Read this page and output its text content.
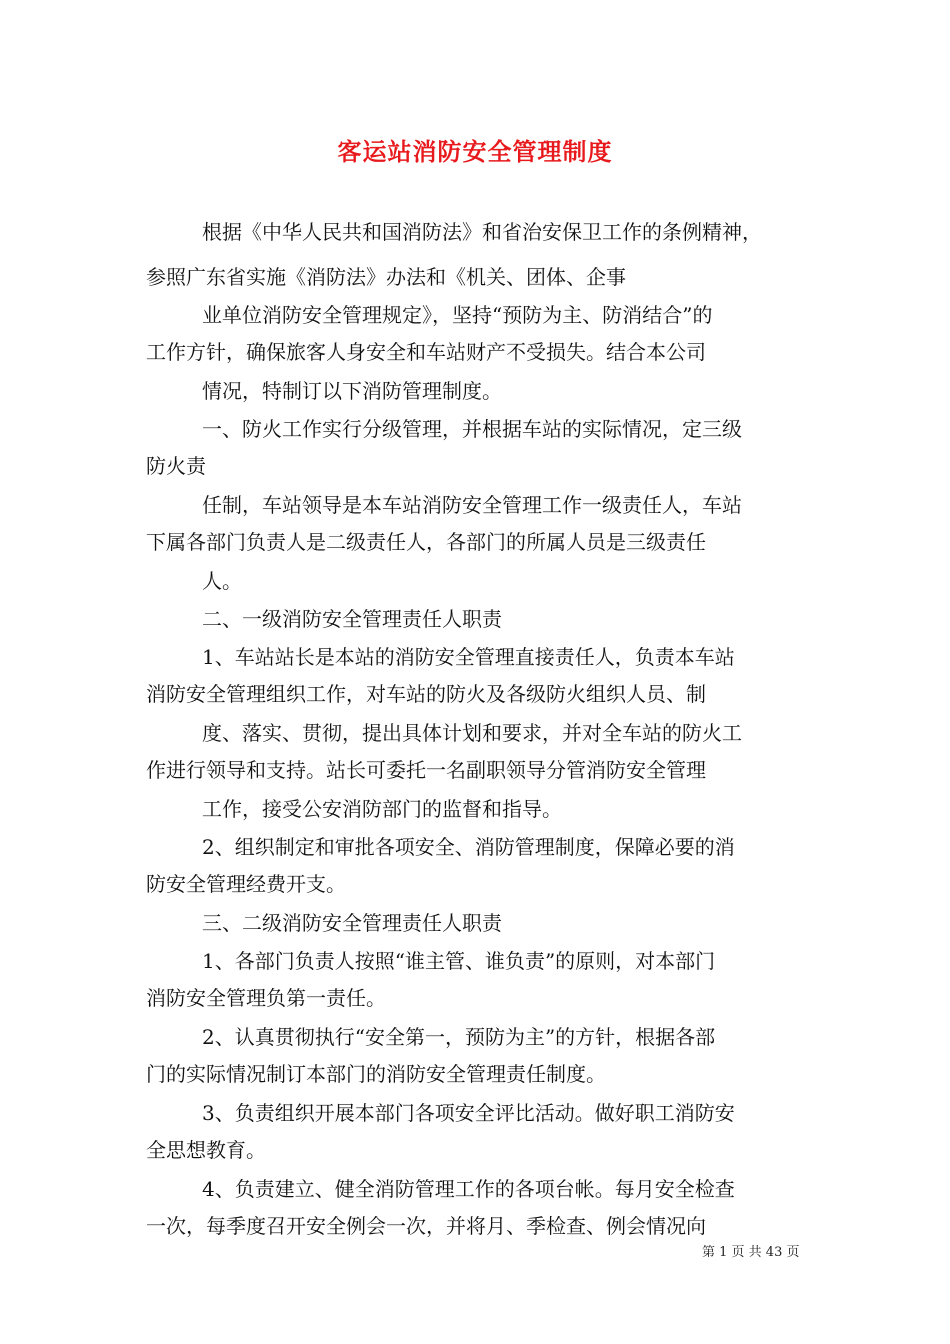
客运站消防安全管理制度
根据《中华人民共和国消防法》和省治安保卫工作的条例精神，
参照广东省实施《消防法》办法和《机关、团体、企事
业单位消防安全管理规定》，坚持“预防为主、防消结合”的
工作方针，确保旅客人身安全和车站财产不受损失。结合本公司
情况，特制订以下消防管理制度。
一、防火工作实行分级管理，并根据车站的实际情况，定三级
防火责
任制，车站领导是本车站消防安全管理工作一级责任人，车站
下属各部门负责人是二级责任人，各部门的所属人员是三级责任
人。
二、一级消防安全管理责任人职责
1、车站站长是本站的消防安全管理直接责任人，负责本车站
消防安全管理组织工作，对车站的防火及各级防火组织人员、制
度、落实、贯彻，提出具体计划和要求，并对全车站的防火工
作进行领导和支持。站长可委托一名副职领导分管消防安全管理
工作，接受公安消防部门的监督和指导。
2、组织制定和审批各项安全、消防管理制度，保障必要的消
防安全管理经费开支。
三、二级消防安全管理责任人职责
1、各部门负责人按照“谁主管、谁负责”的原则，对本部门
消防安全管理负第一责任。
2、认真贯彻执行“安全第一，预防为主”的方针，根据各部
门的实际情况制订本部门的消防安全管理责任制度。
3、负责组织开展本部门各项安全评比活动。做好职工消防安
全思想教育。
4、负责建立、健全消防管理工作的各项台帐。每月安全检查
一次，每季度召开安全例会一次，并将月、季检查、例会情况向
第 1 页 共 43 页
